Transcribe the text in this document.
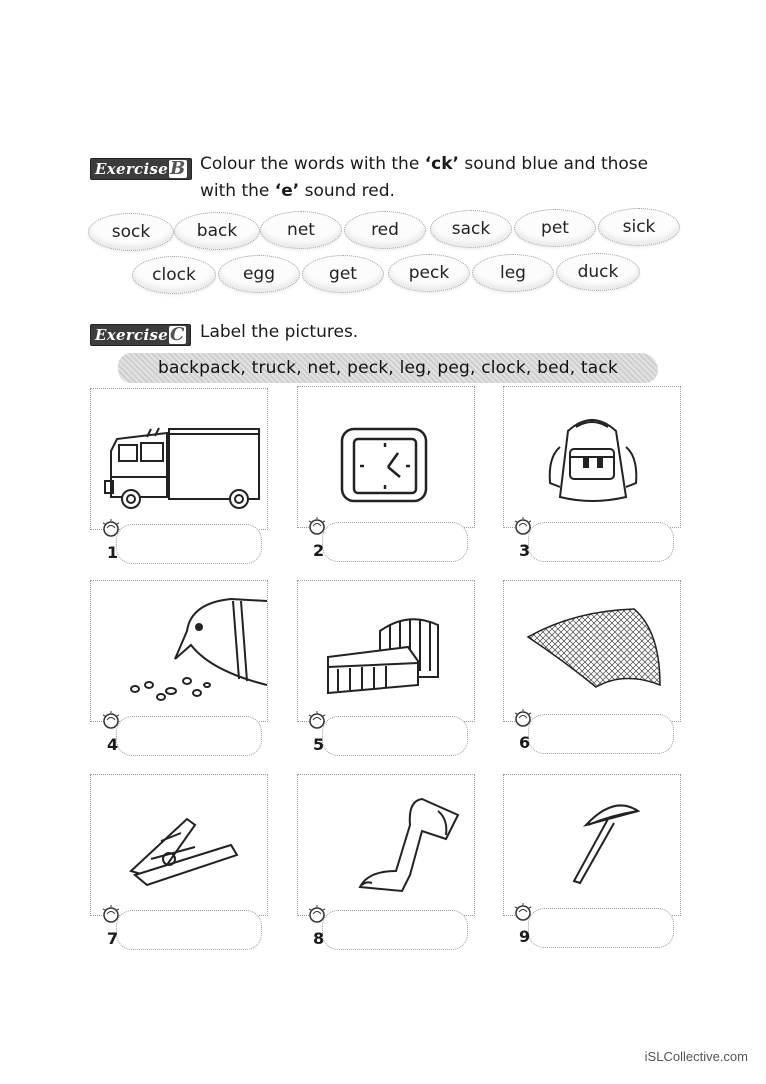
Exercise B Colour the words with the ‘ck’ sound blue and those
with the ‘e’ sound red.
sock	back	net	red	sack	pet	sick
clock	egg	get	peck	leg	duck
Exercise C Label the pictures.
backpack, truck, net, peck, leg, peg, clock, bed, tack
1	2	3
4	5	6
7	8	9
iSLCollective.com
